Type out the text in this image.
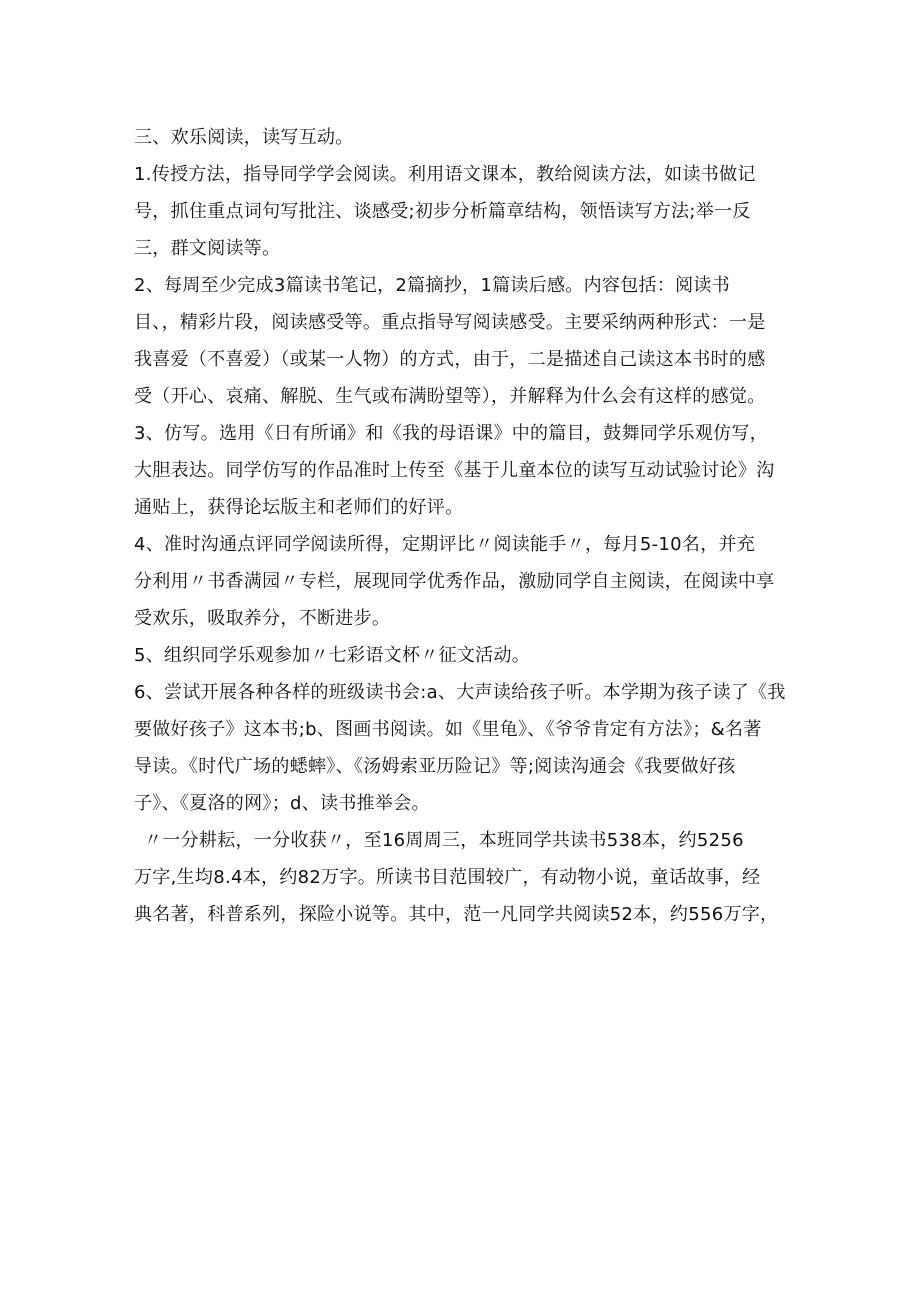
三、欢乐阅读，读写互动。
1.传授方法，指导同学学会阅读。利用语文课本，教给阅读方法，如读书做记
号，抓住重点词句写批注、谈感受;初步分析篇章结构，领悟读写方法;举一反
三，群文阅读等。
2、每周至少完成3篇读书笔记，2篇摘抄，1篇读后感。内容包括：阅读书
目、，精彩片段，阅读感受等。重点指导写阅读感受。主要采纳两种形式：一是
我喜爱（不喜爱）（或某一人物）的方式，由于，二是描述自己读这本书时的感
受（开心、哀痛、解脱、生气或布满盼望等），并解释为什么会有这样的感觉。
3、仿写。选用《日有所诵》和《我的母语课》中的篇目，鼓舞同学乐观仿写，
大胆表达。同学仿写的作品准时上传至《基于儿童本位的读写互动试验讨论》沟
通贴上，获得论坛版主和老师们的好评。
4、准时沟通点评同学阅读所得，定期评比〃阅读能手〃，每月5-10名，并充
分利用〃书香满园〃专栏，展现同学优秀作品，激励同学自主阅读，在阅读中享
受欢乐，吸取养分，不断进步。
5、组织同学乐观参加〃七彩语文杯〃征文活动。
6、尝试开展各种各样的班级读书会:a、大声读给孩子听。本学期为孩子读了《我
要做好孩子》这本书;b、图画书阅读。如《里龟》、《爷爷肯定有方法》；&名著
导读。《时代广场的蟋蟀》、《汤姆索亚历险记》等;阅读沟通会《我要做好孩
子》、《夏洛的网》；d、读书推举会。
〃一分耕耘，一分收获〃，至16周周三，本班同学共读书538本，约5256
万字,生均8.4本，约82万字。所读书目范围较广，有动物小说，童话故事，经
典名著，科普系列，探险小说等。其中，范一凡同学共阅读52本，约556万字，
